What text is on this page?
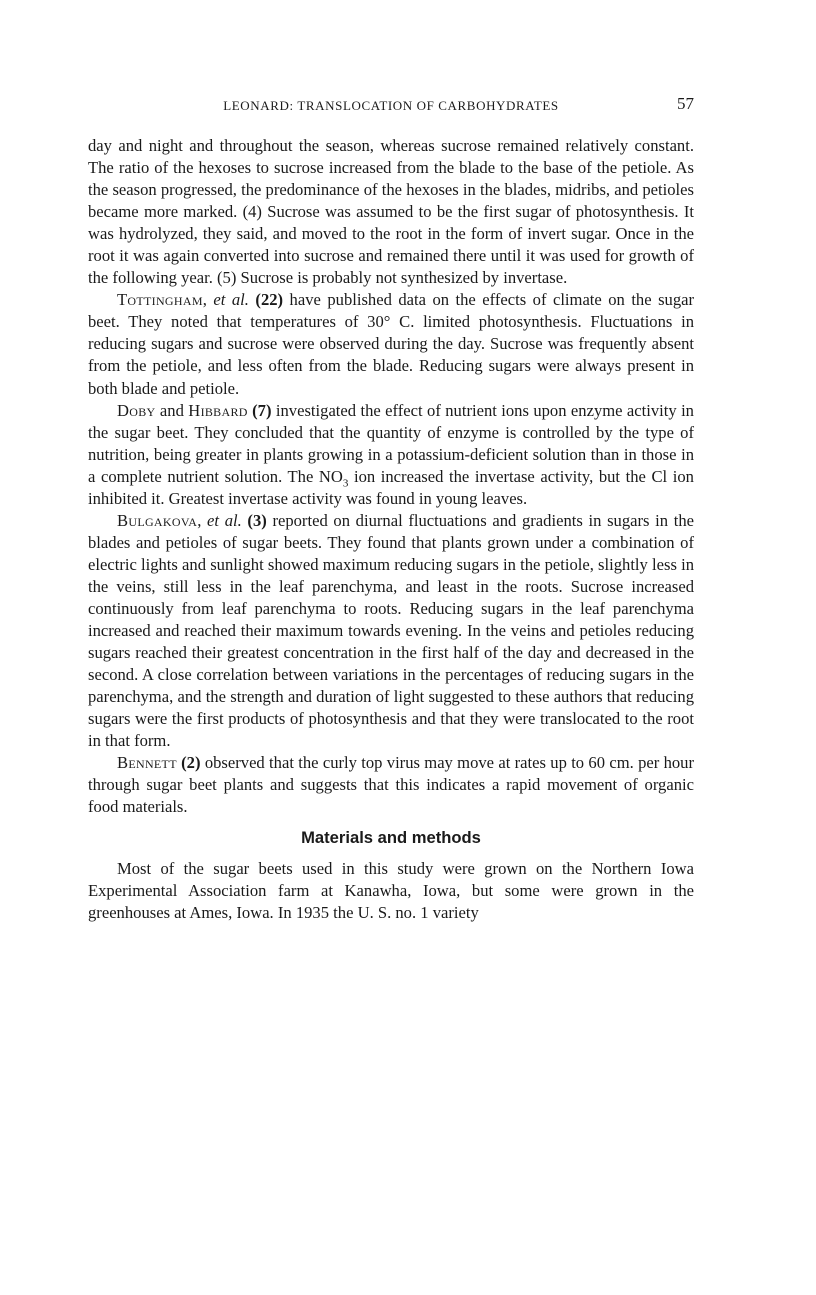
LEONARD: TRANSLOCATION OF CARBOHYDRATES	57

day and night and throughout the season, whereas sucrose remained relatively constant. The ratio of the hexoses to sucrose increased from the blade to the base of the petiole. As the season progressed, the predominance of the hexoses in the blades, midribs, and petioles became more marked. (4) Sucrose was assumed to be the first sugar of photosynthesis. It was hydrolyzed, they said, and moved to the root in the form of invert sugar. Once in the root it was again converted into sucrose and remained there until it was used for growth of the following year. (5) Sucrose is probably not synthesized by invertase.

Tottingham, et al. (22) have published data on the effects of climate on the sugar beet. They noted that temperatures of 30° C. limited photosynthesis. Fluctuations in reducing sugars and sucrose were observed during the day. Sucrose was frequently absent from the petiole, and less often from the blade. Reducing sugars were always present in both blade and petiole.

Doby and Hibbard (7) investigated the effect of nutrient ions upon enzyme activity in the sugar beet. They concluded that the quantity of enzyme is controlled by the type of nutrition, being greater in plants growing in a potassium-deficient solution than in those in a complete nutrient solution. The $NO_3$ ion increased the invertase activity, but the Cl ion inhibited it. Greatest invertase activity was found in young leaves.

Bulgakova, et al. (3) reported on diurnal fluctuations and gradients in sugars in the blades and petioles of sugar beets. They found that plants grown under a combination of electric lights and sunlight showed maximum reducing sugars in the petiole, slightly less in the veins, still less in the leaf parenchyma, and least in the roots. Sucrose increased continuously from leaf parenchyma to roots. Reducing sugars in the leaf parenchyma increased and reached their maximum towards evening. In the veins and petioles reducing sugars reached their greatest concentration in the first half of the day and decreased in the second. A close correlation between variations in the percentages of reducing sugars in the parenchyma, and the strength and duration of light suggested to these authors that reducing sugars were the first products of photosynthesis and that they were translocated to the root in that form.

Bennett (2) observed that the curly top virus may move at rates up to 60 cm. per hour through sugar beet plants and suggests that this indicates a rapid movement of organic food materials.

Materials and methods

Most of the sugar beets used in this study were grown on the Northern Iowa Experimental Association farm at Kanawha, Iowa, but some were grown in the greenhouses at Ames, Iowa. In 1935 the U. S. no. 1 variety
